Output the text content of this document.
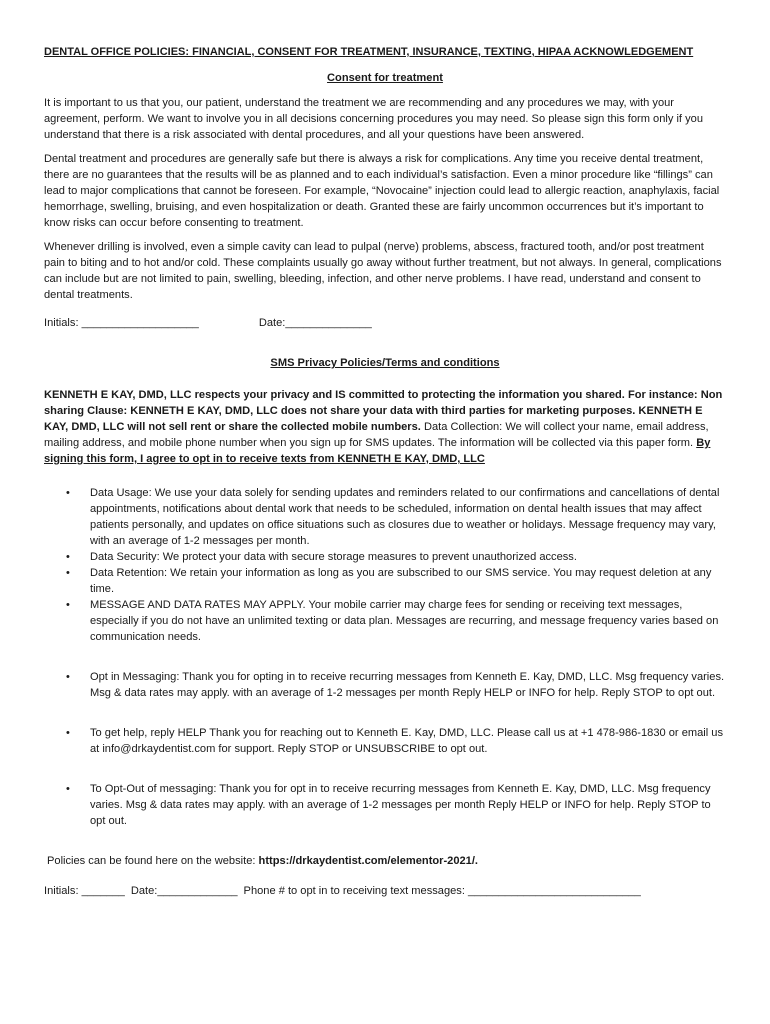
DENTAL OFFICE POLICIES: FINANCIAL, CONSENT FOR TREATMENT, INSURANCE, TEXTING, HIPAA ACKNOWLEDGEMENT
Consent for treatment

It is important to us that you, our patient, understand the treatment we are recommending and any procedures we may, with your agreement, perform. We want to involve you in all decisions concerning procedures you may need. So please sign this form only if you understand that there is a risk associated with dental procedures, and all your questions have been answered.

Dental treatment and procedures are generally safe but there is always a risk for complications. Any time you receive dental treatment, there are no guarantees that the results will be as planned and to each individual’s satisfaction. Even a minor procedure like “fillings” can lead to major complications that cannot be foreseen. For example, “Novocaine” injection could lead to allergic reaction, anaphylaxis, facial hemorrhage, swelling, bruising, and even hospitalization or death. Granted these are fairly uncommon occurrences but it’s important to know risks can occur before consenting to treatment.

Whenever drilling is involved, even a simple cavity can lead to pulpal (nerve) problems, abscess, fractured tooth, and/or post treatment pain to biting and to hot and/or cold. These complaints usually go away without further treatment, but not always. In general, complications can include but are not limited to pain, swelling, bleeding, infection, and other nerve problems. I have read, understand and consent to dental treatments.

Initials: ___________________	Date:______________
SMS Privacy Policies/Terms and conditions

KENNETH E KAY, DMD, LLC respects your privacy and IS committed to protecting the information you shared. For instance: Non sharing Clause: KENNETH E KAY, DMD, LLC does not share your data with third parties for marketing purposes. KENNETH E KAY, DMD, LLC will not sell rent or share the collected mobile numbers. Data Collection: We will collect your name, email address, mailing address, and mobile phone number when you sign up for SMS updates. The information will be collected via this paper form. By signing this form, I agree to opt in to receive texts from KENNETH E KAY, DMD, LLC

• Data Usage: We use your data solely for sending updates and reminders related to our confirmations and cancellations of dental appointments, notifications about dental work that needs to be scheduled, information on dental health issues that may affect patients personally, and updates on office situations such as closures due to weather or holidays. Message frequency may vary, with an average of 1-2 messages per month.
• Data Security: We protect your data with secure storage measures to prevent unauthorized access.
• Data Retention: We retain your information as long as you are subscribed to our SMS service. You may request deletion at any time.
• MESSAGE AND DATA RATES MAY APPLY. Your mobile carrier may charge fees for sending or receiving text messages, especially if you do not have an unlimited texting or data plan. Messages are recurring, and message frequency varies based on communication needs.
• Opt in Messaging: Thank you for opting in to receive recurring messages from Kenneth E. Kay, DMD, LLC. Msg frequency varies. Msg & data rates may apply. with an average of 1-2 messages per month Reply HELP or INFO for help. Reply STOP to opt out.
• To get help, reply HELP Thank you for reaching out to Kenneth E. Kay, DMD, LLC. Please call us at +1 478-986-1830 or email us at info@drkaydentist.com for support. Reply STOP or UNSUBSCRIBE to opt out.
• To Opt-Out of messaging: Thank you for opt in to receive recurring messages from Kenneth E. Kay, DMD, LLC. Msg frequency varies. Msg & data rates may apply. with an average of 1-2 messages per month Reply HELP or INFO for help. Reply STOP to opt out.
Policies can be found here on the website: https://drkaydentist.com/elementor-2021/.
Initials: _______ Date:_____________ Phone # to opt in to receiving text messages: ____________________________
